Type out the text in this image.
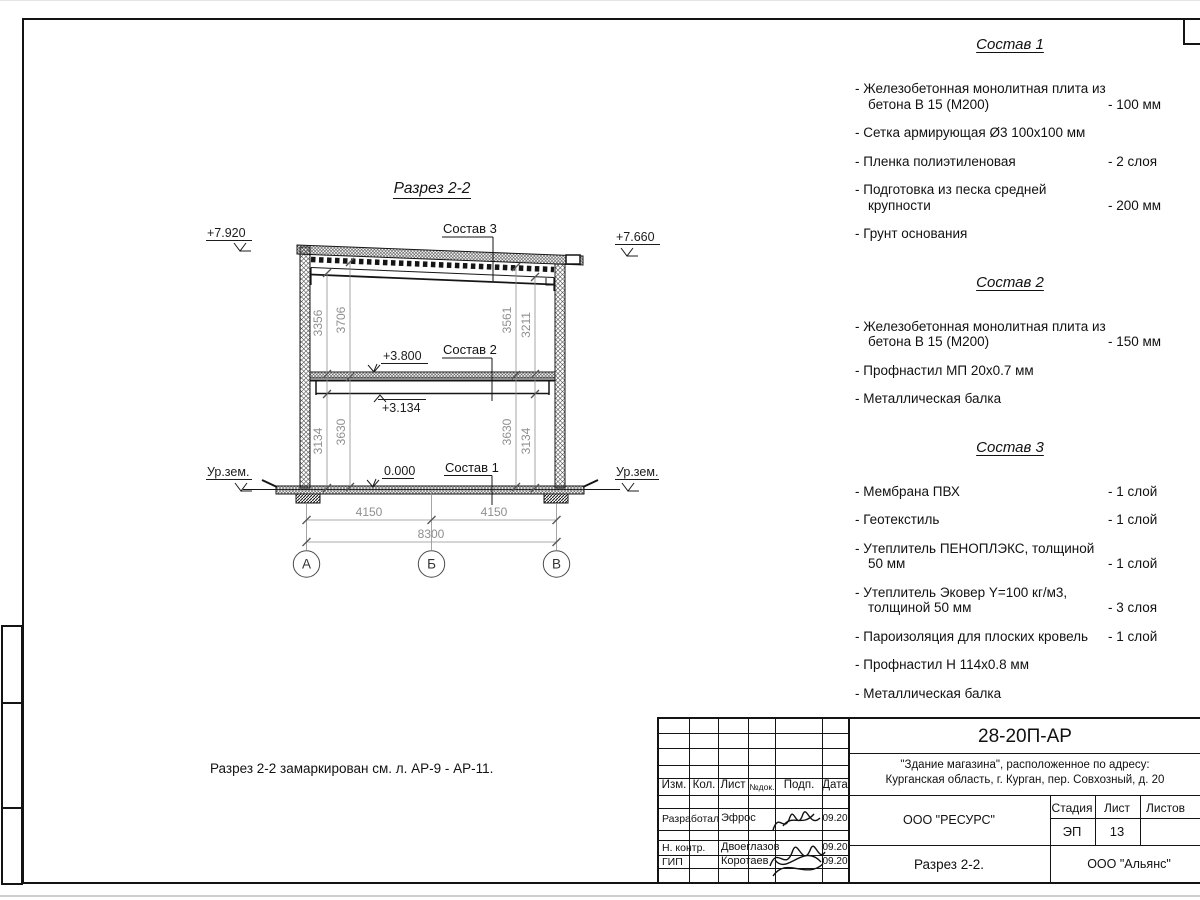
Разрез 2-2
4150	4150
8300
3356 3706	3561 3211
3134 3630	3630 3134
А	Б	В
+7.920	+7.660
+3.800
+3.134
0.000
Ур.зем.	Ур.зем.
Состав 3
Состав 2
Состав 1
Состав 1
- Железобетонная монолитная плита из бетона В 15 (М200)	- 100 мм
- Сетка армирующая Ø3 100х100 мм
- Пленка полиэтиленовая	- 2 слоя
- Подготовка из песка средней крупности	- 200 мм
- Грунт основания
Состав 2
- Железобетонная монолитная плита из бетона В 15 (М200)	- 150 мм
- Профнастил МП 20х0.7 мм
- Металлическая балка
Состав 3
- Мембрана ПВХ	- 1 слой
- Геотекстиль	- 1 слой
- Утеплитель ПЕНОПЛЭКС, толщиной 50 мм	- 1 слой
- Утеплитель Эковер Y=100 кг/м3, толщиной 50 мм	- 3 слоя
- Пароизоляция для плоских кровель	- 1 слой
- Профнастил Н 114х0.8 мм
- Металлическая балка
Разрез 2-2 замаркирован см. л. АР-9 - АР-11.
Изм. Кол. Лист №док. Подп. Дата
Разработал Эфрос	09.20
Н. контр. Двоеглазов	09.20
ГИП	Коротаев	09.20
28-20П-АР
"Здание магазина", расположенное по адресу:
Курганская область, г. Курган, пер. Совхозный, д. 20
ООО "РЕСУРС"
Стадия Лист Листов
ЭП 13
Разрез 2-2.	ООО "Альянс"
